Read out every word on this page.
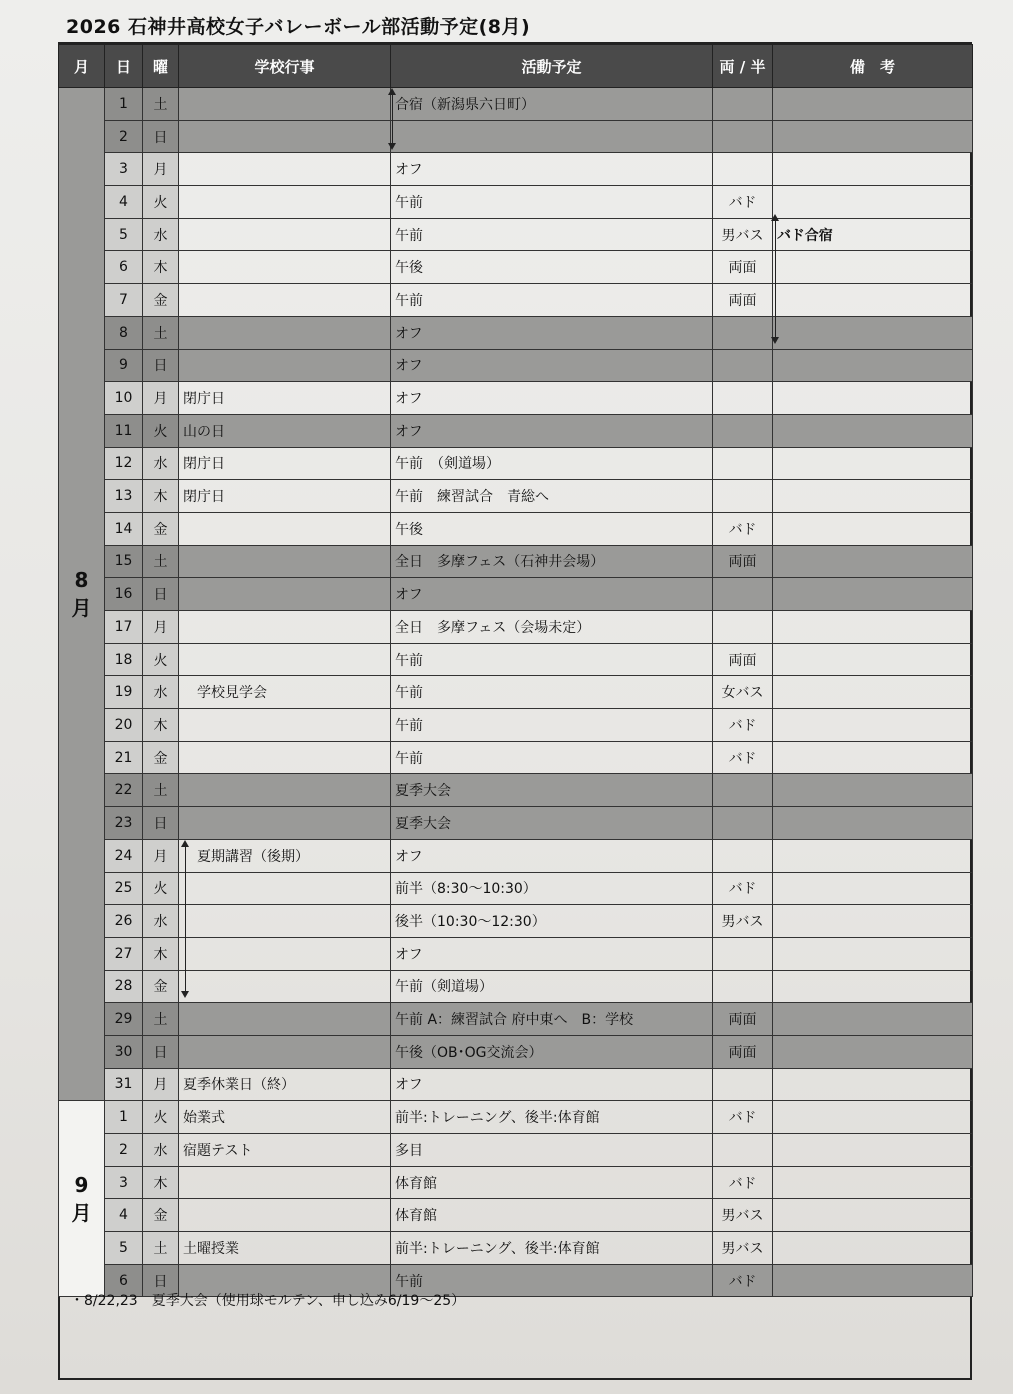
2026 石神井高校女子バレーボール部活動予定(8月)
月	日	曜	学校行事	活動予定	両 / 半	備　考

8
月	1	土		合宿（新潟県六日町）		
	2	日				
	3	月		オフ		
	4	火		午前	バド	
	5	水		午前	男バス	バド合宿
	6	木		午後	両面	
	7	金		午前	両面	
	8	土		オフ		
	9	日		オフ		
	10	月	閉庁日	オフ		
	11	火	山の日	オフ		
	12	水	閉庁日	午前　（剣道場）		
	13	木	閉庁日	午前　練習試合　青総へ		
	14	金		午後	バド	
	15	土		全日　多摩フェス（石神井会場）	両面	
	16	日		オフ		
	17	月		全日　多摩フェス（会場未定）		
	18	火		午前	両面	
	19	水	　学校見学会	午前	女バス	
	20	木		午前	バド	
	21	金		午前	バド	
	22	土		夏季大会		
	23	日		夏季大会		
	24	月	　夏期講習（後期）	オフ		
	25	火		前半（8:30〜10:30）	バド	
	26	水		後半（10:30〜12:30）	男バス	
	27	木		オフ		
	28	金		午前（剣道場）		
	29	土		午前 A：練習試合 府中東へ　B：学校	両面	
	30	日		午後（OB･OG交流会）	両面	
	31	月	夏季休業日（終）	オフ		

9
月	1	火	始業式	前半:トレーニング、後半:体育館	バド	
	2	水	宿題テスト	多目		
	3	木		体育館	バド	
	4	金		体育館	男バス	
	5	土	土曜授業	前半:トレーニング、後半:体育館	男バス	
	6	日		午前	バド	
・8/22,23　夏季大会（使用球モルテン、申し込み6/19〜25）
